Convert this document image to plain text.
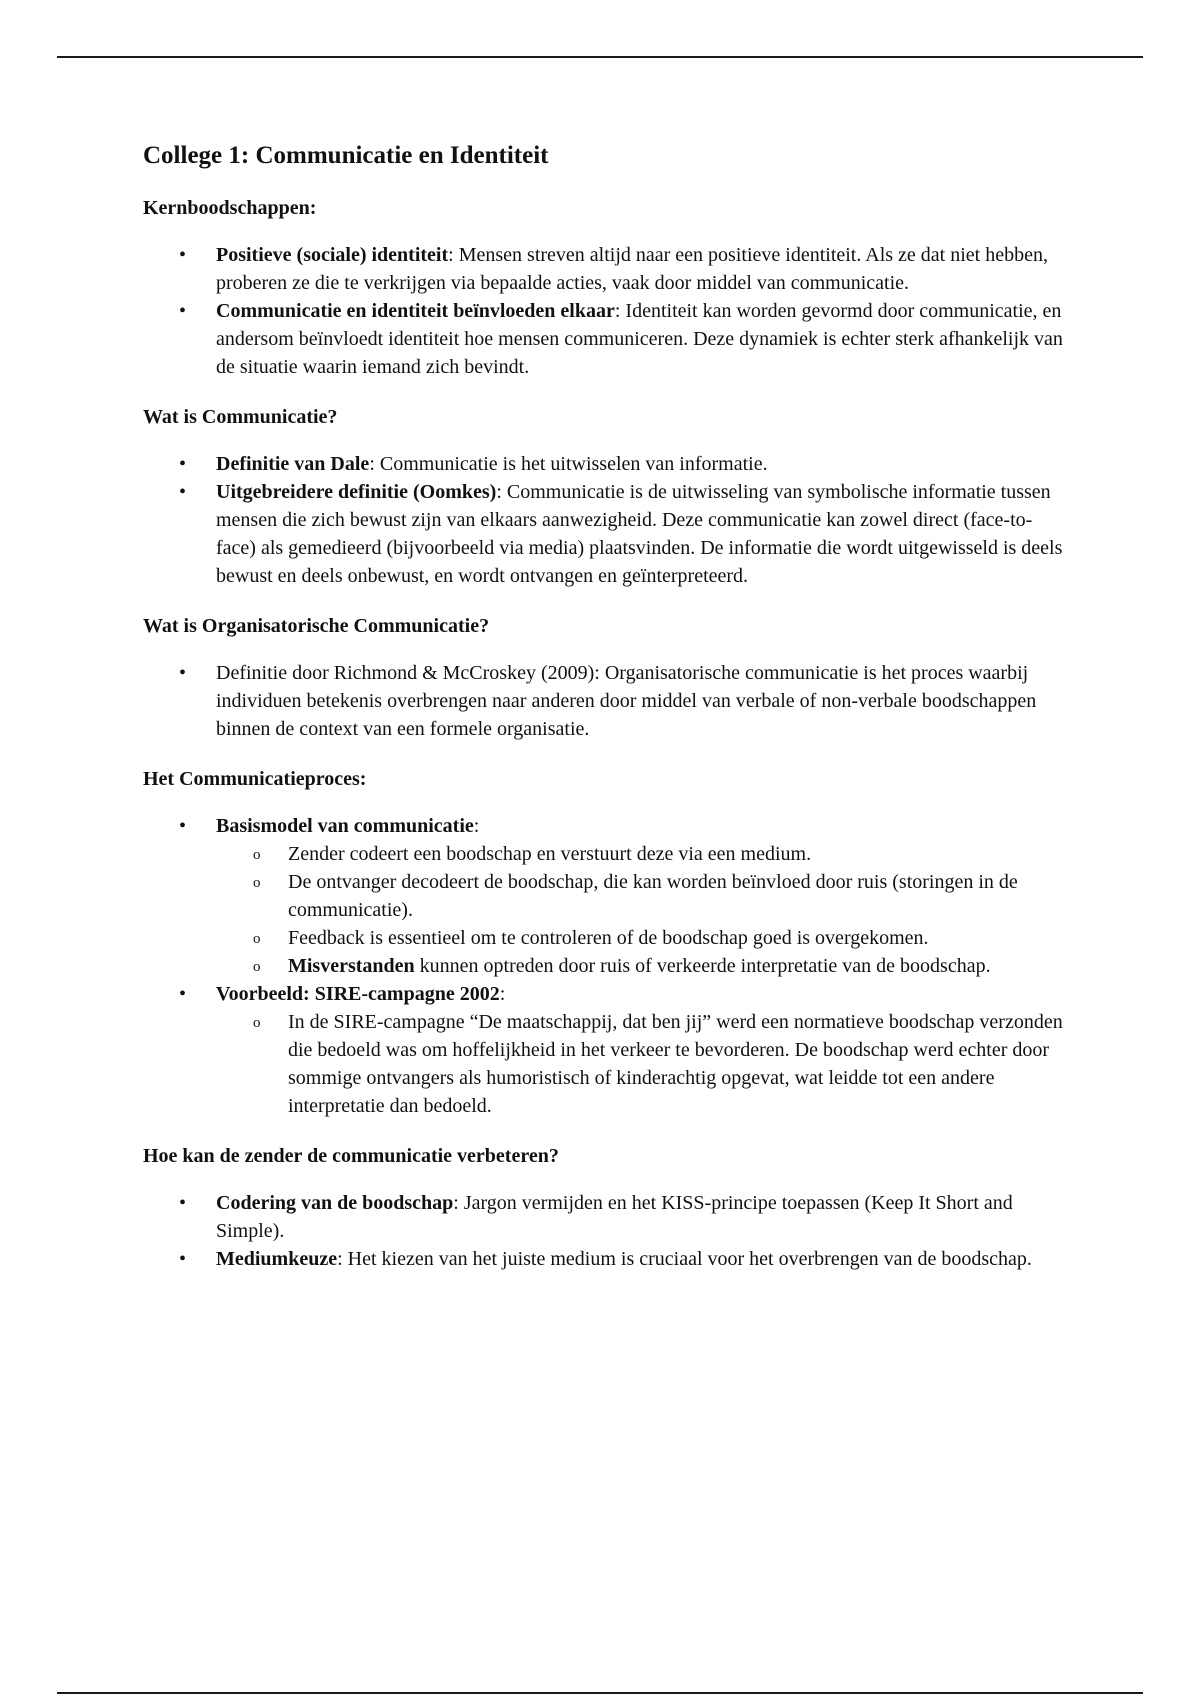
College 1: Communicatie en Identiteit
Kernboodschappen:
• Positieve (sociale) identiteit: Mensen streven altijd naar een positieve identiteit. Als ze dat niet hebben, proberen ze die te verkrijgen via bepaalde acties, vaak door middel van communicatie.
• Communicatie en identiteit beïnvloeden elkaar: Identiteit kan worden gevormd door communicatie, en andersom beïnvloedt identiteit hoe mensen communiceren. Deze dynamiek is echter sterk afhankelijk van de situatie waarin iemand zich bevindt.
Wat is Communicatie?
• Definitie van Dale: Communicatie is het uitwisselen van informatie.
• Uitgebreidere definitie (Oomkes): Communicatie is de uitwisseling van symbolische informatie tussen mensen die zich bewust zijn van elkaars aanwezigheid. Deze communicatie kan zowel direct (face-to-face) als gemedieerd (bijvoorbeeld via media) plaatsvinden. De informatie die wordt uitgewisseld is deels bewust en deels onbewust, en wordt ontvangen en geïnterpreteerd.
Wat is Organisatorische Communicatie?
• Definitie door Richmond & McCroskey (2009): Organisatorische communicatie is het proces waarbij individuen betekenis overbrengen naar anderen door middel van verbale of non-verbale boodschappen binnen de context van een formele organisatie.
Het Communicatieproces:
• Basismodel van communicatie:
o Zender codeert een boodschap en verstuurt deze via een medium.
o De ontvanger decodeert de boodschap, die kan worden beïnvloed door ruis (storingen in de communicatie).
o Feedback is essentieel om te controleren of de boodschap goed is overgekomen.
o Misverstanden kunnen optreden door ruis of verkeerde interpretatie van de boodschap.
• Voorbeeld: SIRE-campagne 2002:
o In de SIRE-campagne “De maatschappij, dat ben jij” werd een normatieve boodschap verzonden die bedoeld was om hoffelijkheid in het verkeer te bevorderen. De boodschap werd echter door sommige ontvangers als humoristisch of kinderachtig opgevat, wat leidde tot een andere interpretatie dan bedoeld.
Hoe kan de zender de communicatie verbeteren?
• Codering van de boodschap: Jargon vermijden en het KISS-principe toepassen (Keep It Short and Simple).
• Mediumkeuze: Het kiezen van het juiste medium is cruciaal voor het overbrengen van de boodschap.
